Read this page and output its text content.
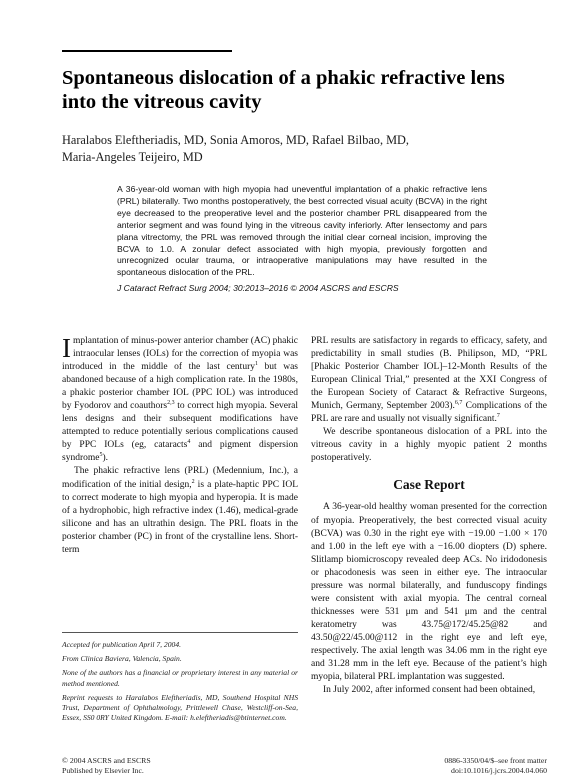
Spontaneous dislocation of a phakic refractive lens into the vitreous cavity
Haralabos Eleftheriadis, MD, Sonia Amoros, MD, Rafael Bilbao, MD,
Maria-Angeles Teijeiro, MD

A 36-year-old woman with high myopia had uneventful implantation of a phakic refractive lens (PRL) bilaterally. Two months postoperatively, the best corrected visual acuity (BCVA) in the right eye decreased to the preoperative level and the posterior chamber PRL disappeared from the anterior segment and was found lying in the vitreous cavity inferiorly. After lensectomy and pars plana vitrectomy, the PRL was removed through the initial clear corneal incision, improving the BCVA to 1.0. A zonular defect associated with high myopia, previously forgotten and unrecognized ocular trauma, or intraoperative manipulations may have resulted in the spontaneous dislocation of the PRL.

J Cataract Refract Surg 2004; 30:2013–2016 © 2004 ASCRS and ESCRS

Implantation of minus-power anterior chamber (AC) phakic intraocular lenses (IOLs) for the correction of myopia was introduced in the middle of the last century$^1$ but was abandoned because of a high complication rate. In the 1980s, a phakic posterior chamber IOL (PPC IOL) was introduced by Fyodorov and coauthors$^{2,3}$ to correct high myopia. Several lens designs and their subsequent modifications have attempted to reduce potentially serious complications caused by PPC IOLs (eg, cataracts$^4$ and pigment dispersion syndrome$^5$).

The phakic refractive lens (PRL) (Medennium, Inc.), a modification of the initial design,$^2$ is a plate-haptic PPC IOL to correct moderate to high myopia and hyperopia. It is made of a hydrophobic, high refractive index (1.46), medical-grade silicone and has an ultrathin design. The PRL floats in the posterior chamber (PC) in front of the crystalline lens. Short-term

Accepted for publication April 7, 2004.

From Clinica Baviera, Valencia, Spain.

None of the authors has a financial or proprietary interest in any material or method mentioned.

Reprint requests to Haralabos Eleftheriadis, MD, Southend Hospital NHS Trust, Department of Ophthalmology, Prittlewell Chase, Westcliff-on-Sea, Essex, SS0 0RY United Kingdom. E-mail: h.eleftheriadis@btinternet.com.

PRL results are satisfactory in regards to efficacy, safety, and predictability in small studies (B. Philipson, MD, “PRL [Phakic Posterior Chamber IOL]–12-Month Results of the European Clinical Trial,” presented at the XXI Congress of the European Society of Cataract & Refractive Surgeons, Munich, Germany, September 2003).$^{6,7}$ Complications of the PRL are rare and usually not visually significant.$^7$

We describe spontaneous dislocation of a PRL into the vitreous cavity in a highly myopic patient 2 months postoperatively.

Case Report

A 36-year-old healthy woman presented for the correction of myopia. Preoperatively, the best corrected visual acuity (BCVA) was 0.30 in the right eye with −19.00 −1.00 × 170 and 1.00 in the left eye with a −16.00 diopters (D) sphere. Slitlamp biomicroscopy revealed deep ACs. No iridodonesis or phacodonesis was seen in either eye. The intraocular pressure was normal bilaterally, and funduscopy findings were consistent with axial myopia. The central corneal thicknesses were 531 μm and 541 μm and the central keratometry was 43.75@172/45.25@82 and 43.50@22/45.00@112 in the right eye and left eye, respectively. The axial length was 34.06 mm in the right eye and 31.28 mm in the left eye. Because of the patient’s high myopia, bilateral PRL implantation was suggested.

In July 2002, after informed consent had been obtained,

© 2004 ASCRS and ESCRS
Published by Elsevier Inc.
0886-3350/04/$–see front matter
doi:10.1016/j.jcrs.2004.04.060
